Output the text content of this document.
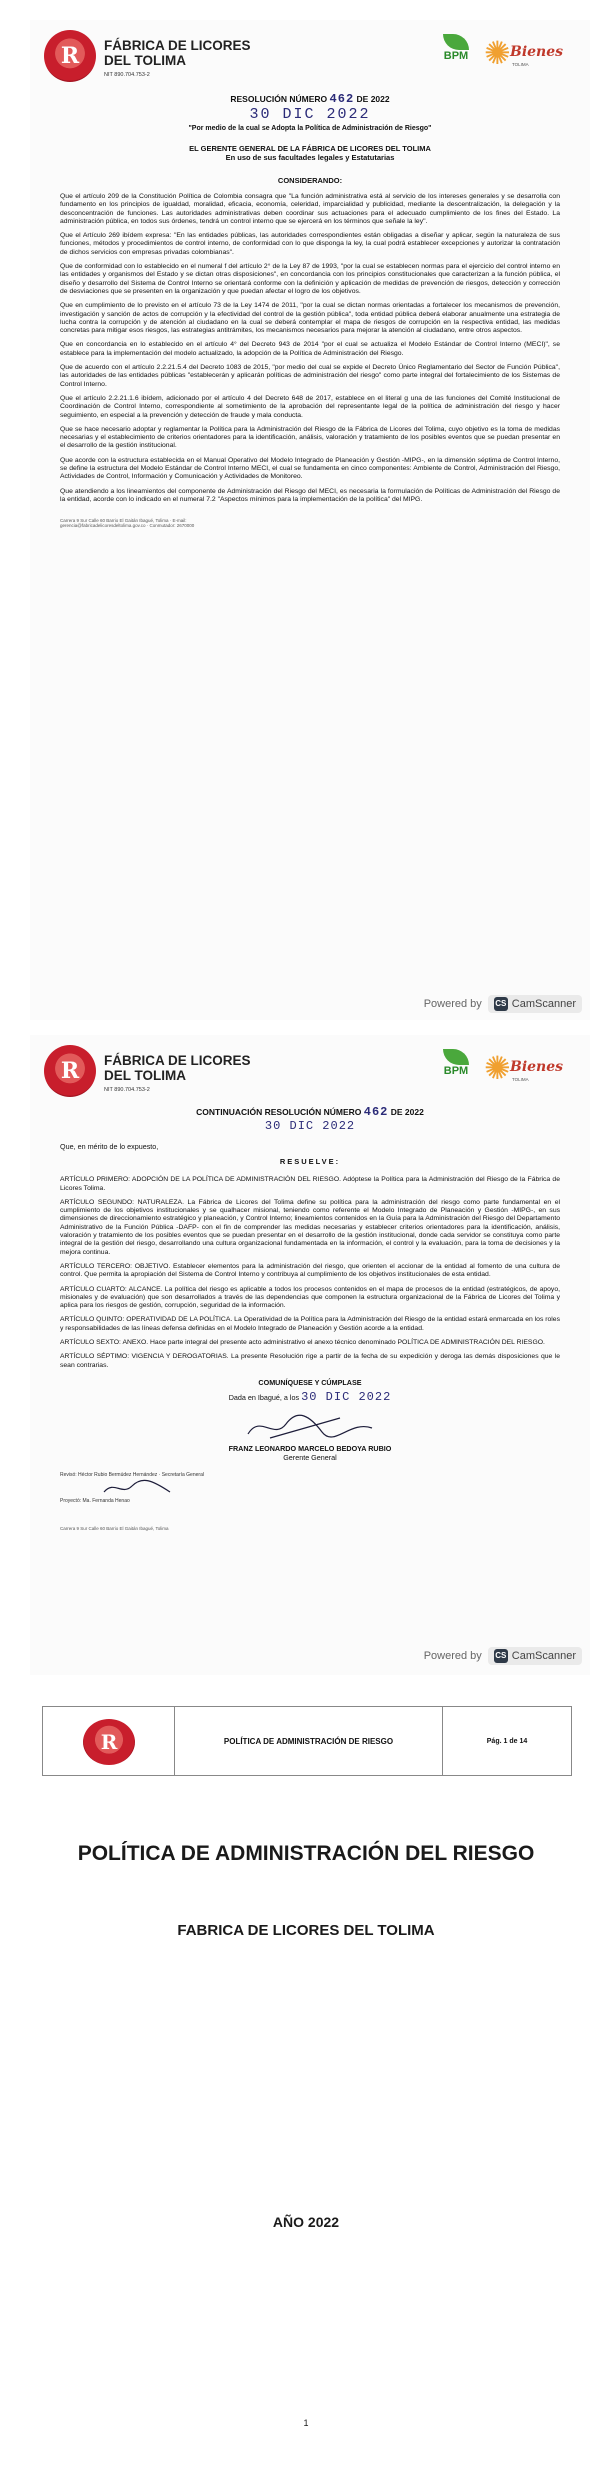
R
FÁBRICA DE LICORES DEL TOLIMA
NIT 890.704.753-2
BPM ✺ Bienes
TOLIMA
RESOLUCIÓN NÚMERO 462 DE 2022
30 DIC 2022
"Por medio de la cual se Adopta la Política de Administración de Riesgo"
EL GERENTE GENERAL DE LA FÁBRICA DE LICORES DEL TOLIMA
En uso de sus facultades legales y Estatutarias
CONSIDERANDO:

Que el artículo 209 de la Constitución Política de Colombia consagra que "La función administrativa está al servicio de los intereses generales y se desarrolla con fundamento en los principios de igualdad, moralidad, eficacia, economía, celeridad, imparcialidad y publicidad, mediante la descentralización, la delegación y la desconcentración de funciones. Las autoridades administrativas deben coordinar sus actuaciones para el adecuado cumplimiento de los fines del Estado. La administración pública, en todos sus órdenes, tendrá un control interno que se ejercerá en los términos que señale la ley".

Que el Artículo 269 ibídem expresa: "En las entidades públicas, las autoridades correspondientes están obligadas a diseñar y aplicar, según la naturaleza de sus funciones, métodos y procedimientos de control interno, de conformidad con lo que disponga la ley, la cual podrá establecer excepciones y autorizar la contratación de dichos servicios con empresas privadas colombianas".

Que de conformidad con lo establecido en el numeral f del artículo 2° de la Ley 87 de 1993, "por la cual se establecen normas para el ejercicio del control interno en las entidades y organismos del Estado y se dictan otras disposiciones", en concordancia con los principios constitucionales que caracterizan a la función pública, el diseño y desarrollo del Sistema de Control Interno se orientará conforme con la definición y aplicación de medidas de prevención de riesgos, detección y corrección de desviaciones que se presenten en la organización y que puedan afectar el logro de los objetivos.

Que en cumplimiento de lo previsto en el artículo 73 de la Ley 1474 de 2011, "por la cual se dictan normas orientadas a fortalecer los mecanismos de prevención, investigación y sanción de actos de corrupción y la efectividad del control de la gestión pública", toda entidad pública deberá elaborar anualmente una estrategia de lucha contra la corrupción y de atención al ciudadano en la cual se deberá contemplar el mapa de riesgos de corrupción en la respectiva entidad, las medidas concretas para mitigar esos riesgos, las estrategias antitrámites, los mecanismos necesarios para mejorar la atención al ciudadano, entre otros aspectos.

Que en concordancia en lo establecido en el artículo 4° del Decreto 943 de 2014 "por el cual se actualiza el Modelo Estándar de Control Interno (MECI)", se establece para la implementación del modelo actualizado, la adopción de la Política de Administración del Riesgo.

Que de acuerdo con el artículo 2.2.21.5.4 del Decreto 1083 de 2015, "por medio del cual se expide el Decreto Único Reglamentario del Sector de Función Pública", las autoridades de las entidades públicas "establecerán y aplicarán políticas de administración del riesgo" como parte integral del fortalecimiento de los Sistemas de Control Interno.

Que el artículo 2.2.21.1.6 ibídem, adicionado por el artículo 4 del Decreto 648 de 2017, establece en el literal g una de las funciones del Comité Institucional de Coordinación de Control Interno, correspondiente al sometimiento de la aprobación del representante legal de la política de administración del riesgo y hacer seguimiento, en especial a la prevención y detección de fraude y mala conducta.

Que se hace necesario adoptar y reglamentar la Política para la Administración del Riesgo de la Fábrica de Licores del Tolima, cuyo objetivo es la toma de medidas necesarias y el establecimiento de criterios orientadores para la identificación, análisis, valoración y tratamiento de los posibles eventos que se puedan presentar en el desarrollo de la gestión institucional.

Que acorde con la estructura establecida en el Manual Operativo del Modelo Integrado de Planeación y Gestión -MIPG-, en la dimensión séptima de Control Interno, se define la estructura del Modelo Estándar de Control Interno MECI, el cual se fundamenta en cinco componentes: Ambiente de Control, Administración del Riesgo, Actividades de Control, Información y Comunicación y Actividades de Monitoreo.

Que atendiendo a los lineamientos del componente de Administración del Riesgo del MECI, es necesaria la formulación de Políticas de Administración del Riesgo de la entidad, acorde con lo indicado en el numeral 7.2 "Aspectos mínimos para la implementación de la política" del MIPG.

Carrera 9 Sur Calle 60 Barrio El Gaitán Ibagué, Tolima · E-mail: gerencia@fabricadelicoresdeltolima.gov.co · Conmutador: 2670000
Powered by CS CamScanner
R
FÁBRICA DE LICORES DEL TOLIMA
NIT 890.704.753-2
BPM ✺ Bienes
TOLIMA
CONTINUACIÓN RESOLUCIÓN NÚMERO 462 DE 2022
30 DIC 2022

Que, en mérito de lo expuesto,

RESUELVE:

ARTÍCULO PRIMERO: ADOPCIÓN DE LA POLÍTICA DE ADMINISTRACIÓN DEL RIESGO. Adóptese la Política para la Administración del Riesgo de la Fábrica de Licores Tolima.

ARTÍCULO SEGUNDO: NATURALEZA. La Fábrica de Licores del Tolima define su política para la administración del riesgo como parte fundamental en el cumplimiento de los objetivos institucionales y se qualhacer misional, teniendo como referente el Modelo Integrado de Planeación y Gestión -MIPG-, en sus dimensiones de direccionamiento estratégico y planeación, y Control Interno; lineamientos contenidos en la Guía para la Administración del Riesgo del Departamento Administrativo de la Función Pública -DAFP- con el fin de comprender las medidas necesarias y establecer criterios orientadores para la identificación, análisis, valoración y tratamiento de los posibles eventos que se puedan presentar en el desarrollo de la gestión institucional, donde cada servidor se constituya como parte integral de la gestión del riesgo, desarrollando una cultura organizacional fundamentada en la información, el control y la evaluación, para la toma de decisiones y la mejora continua.

ARTÍCULO TERCERO: OBJETIVO. Establecer elementos para la administración del riesgo, que orienten el accionar de la entidad al fomento de una cultura de control. Que permita la apropiación del Sistema de Control Interno y contribuya al cumplimiento de los objetivos institucionales de esta entidad.

ARTÍCULO CUARTO: ALCANCE. La política del riesgo es aplicable a todos los procesos contenidos en el mapa de procesos de la entidad (estratégicos, de apoyo, misionales y de evaluación) que son desarrollados a través de las dependencias que componen la estructura organizacional de la Fábrica de Licores del Tolima y aplica para los riesgos de gestión, corrupción, seguridad de la información.

ARTÍCULO QUINTO: OPERATIVIDAD DE LA POLÍTICA. La Operatividad de la Política para la Administración del Riesgo de la entidad estará enmarcada en los roles y responsabilidades de las líneas defensa definidas en el Modelo Integrado de Planeación y Gestión acorde a la entidad.

ARTÍCULO SEXTO: ANEXO. Hace parte integral del presente acto administrativo el anexo técnico denominado POLÍTICA DE ADMINISTRACIÓN DEL RIESGO.

ARTÍCULO SÉPTIMO: VIGENCIA Y DEROGATORIAS. La presente Resolución rige a partir de la fecha de su expedición y deroga las demás disposiciones que le sean contrarias.

COMUNÍQUESE Y CÚMPLASE
Dada en Ibagué, a los 30 DIC 2022
FRANZ LEONARDO MARCELO BEDOYA RUBIO
Gerente General
Revisó: Héctor Rubio Bermúdez Hernández · Secretaría General
Proyectó: Ma. Fernanda Henao
Carrera 9 Sur Calle 60 Barrio El Gaitán Ibagué, Tolima
Powered by CS CamScanner
R
POLÍTICA DE ADMINISTRACIÓN DE RIESGO	Pág. 1 de 14
POLÍTICA DE ADMINISTRACIÓN DEL RIESGO
FABRICA DE LICORES DEL TOLIMA
AÑO 2022
1
